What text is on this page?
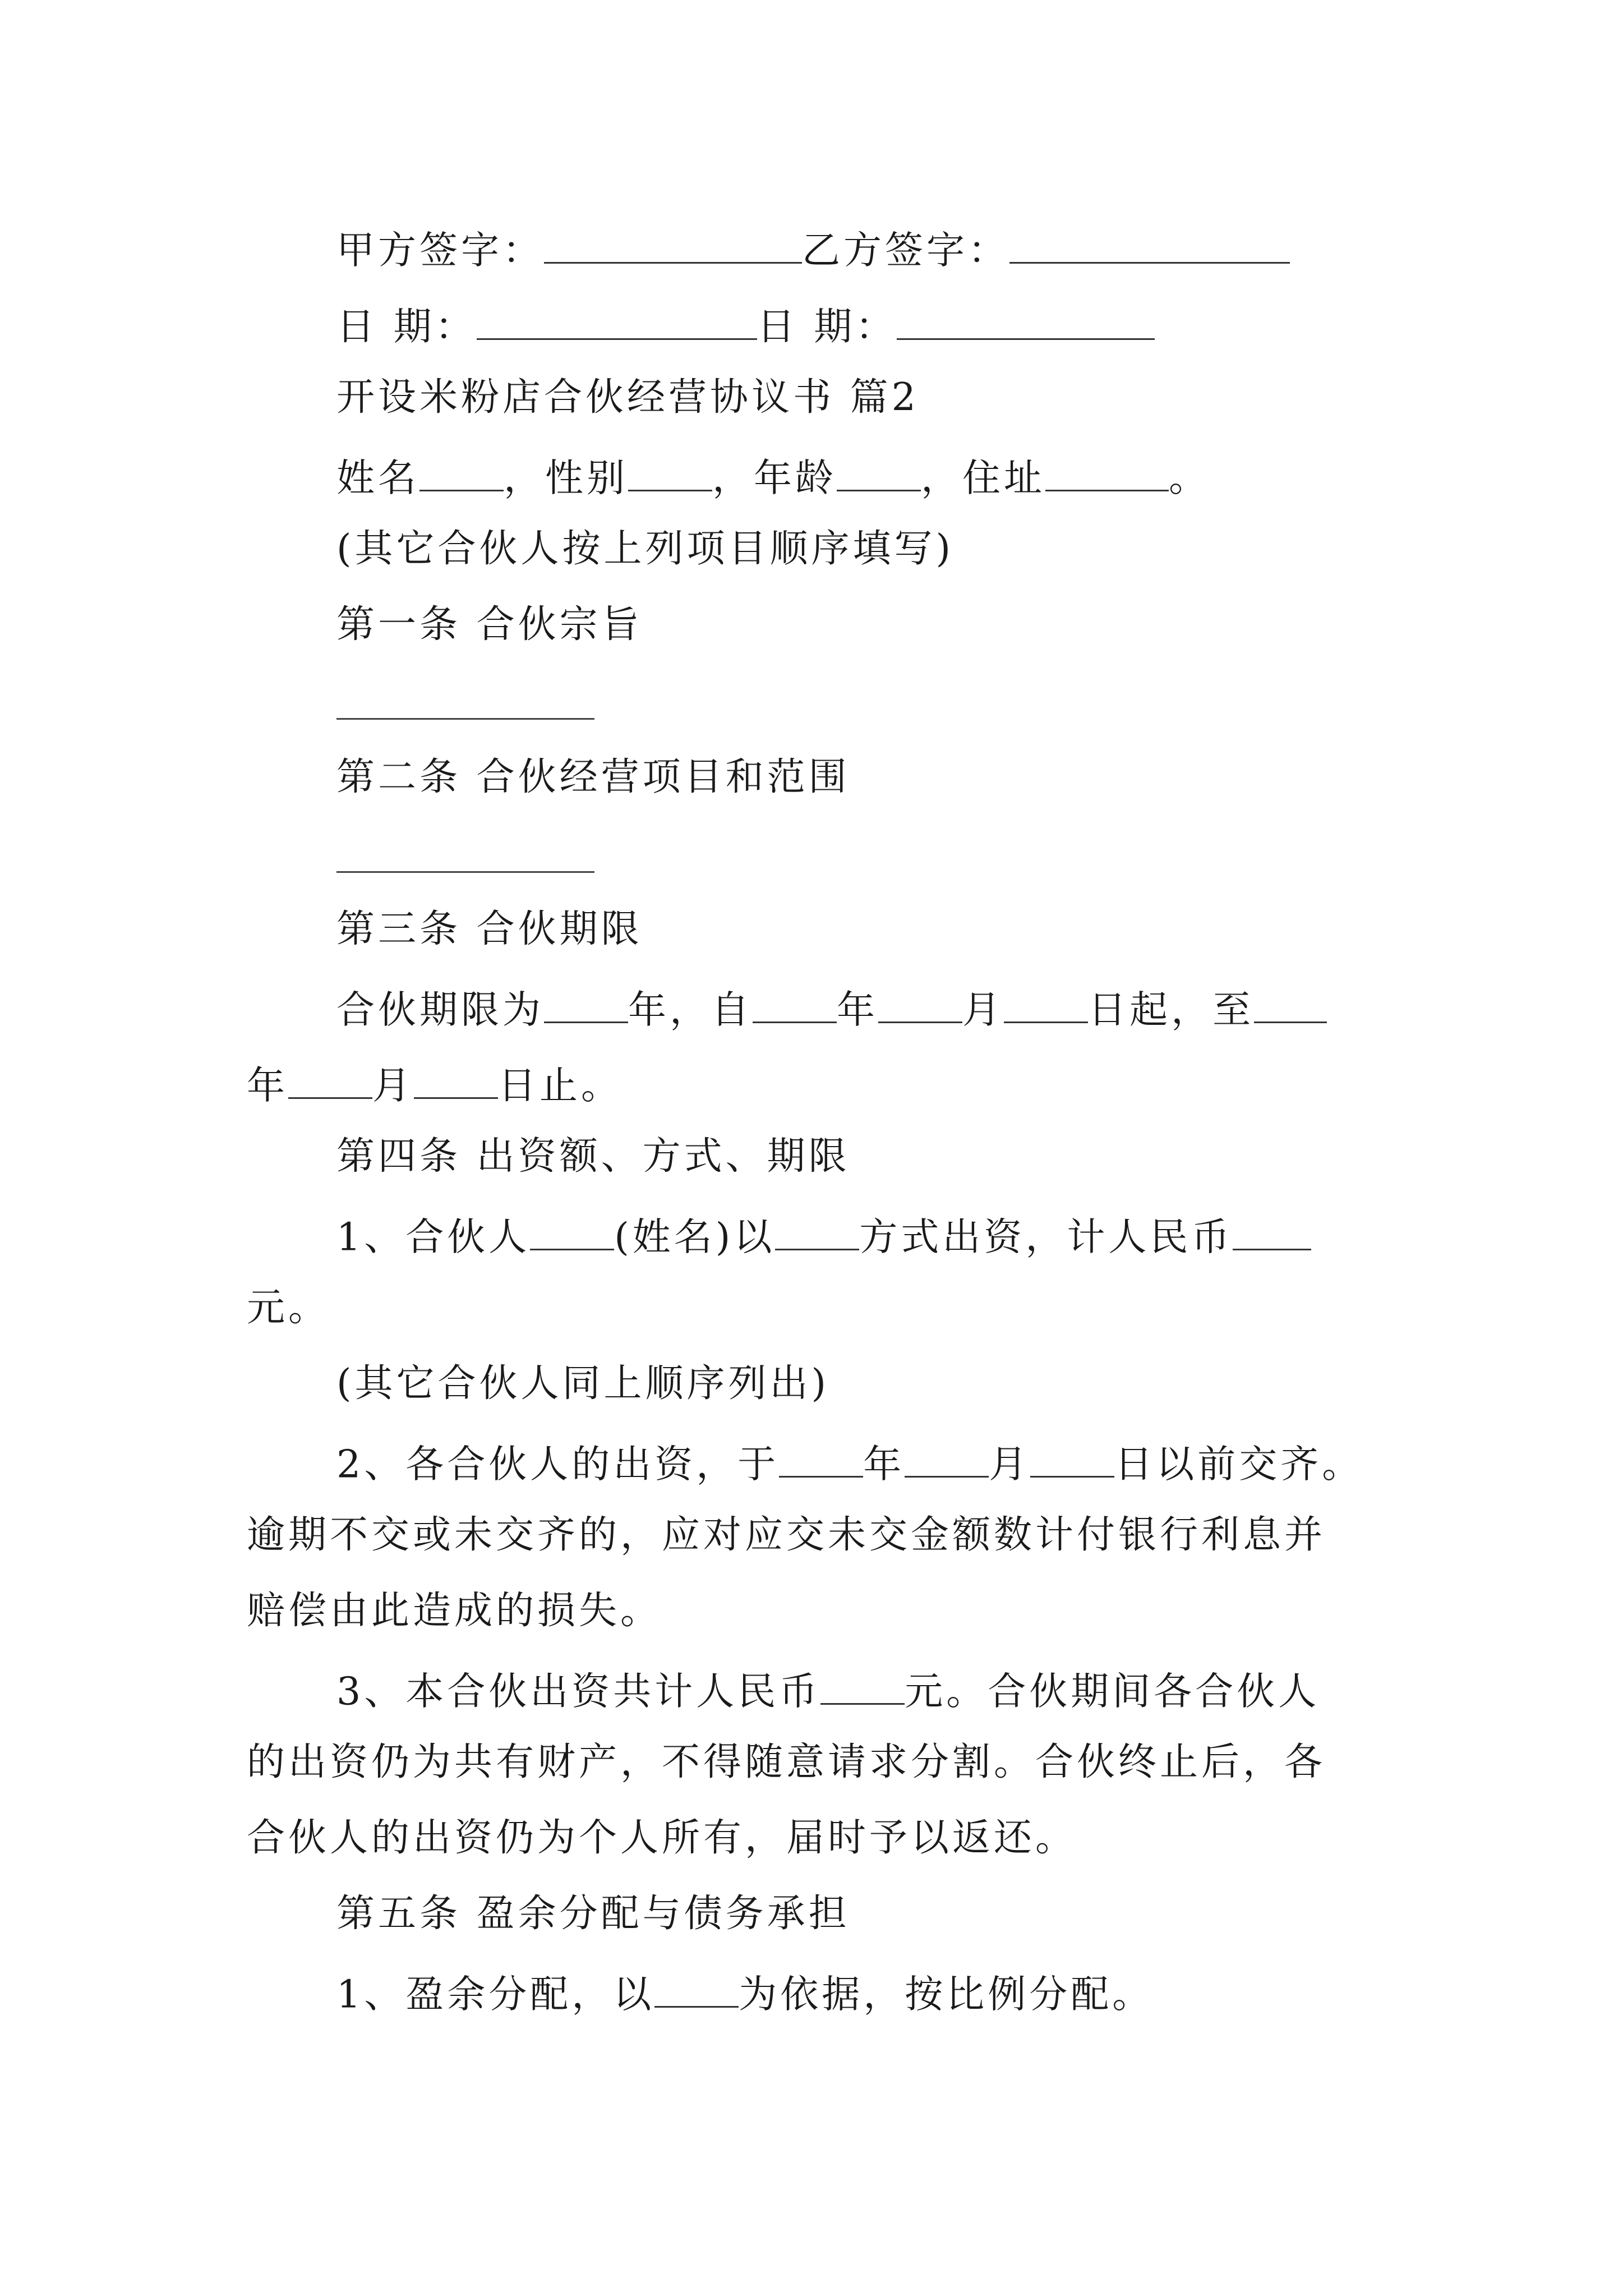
甲方签字：	乙方签字：
日 期：	日 期：
开设米粉店合伙经营协议书 篇2
姓名 ，性别 ，年龄 ，住址	。
(其它合伙人按上列项目顺序填写)
第一条 合伙宗旨
第二条 合伙经营项目和范围
第三条 合伙期限
合伙期限为 年，自 年 月 日起，至
年 月 日止。
第四条 出资额、方式、期限
1、合伙人 (姓名)以 方式出资，计人民币
元。
(其它合伙人同上顺序列出)
2、各合伙人的出资，于 年 月 日以前交齐。
逾期不交或未交齐的，应对应交未交金额数计付银行利息并
赔偿由此造成的损失。
3、本合伙出资共计人民币 元。合伙期间各合伙人
的出资仍为共有财产，不得随意请求分割。合伙终止后，各
合伙人的出资仍为个人所有，届时予以返还。
第五条 盈余分配与债务承担
1、盈余分配，以 为依据，按比例分配。
